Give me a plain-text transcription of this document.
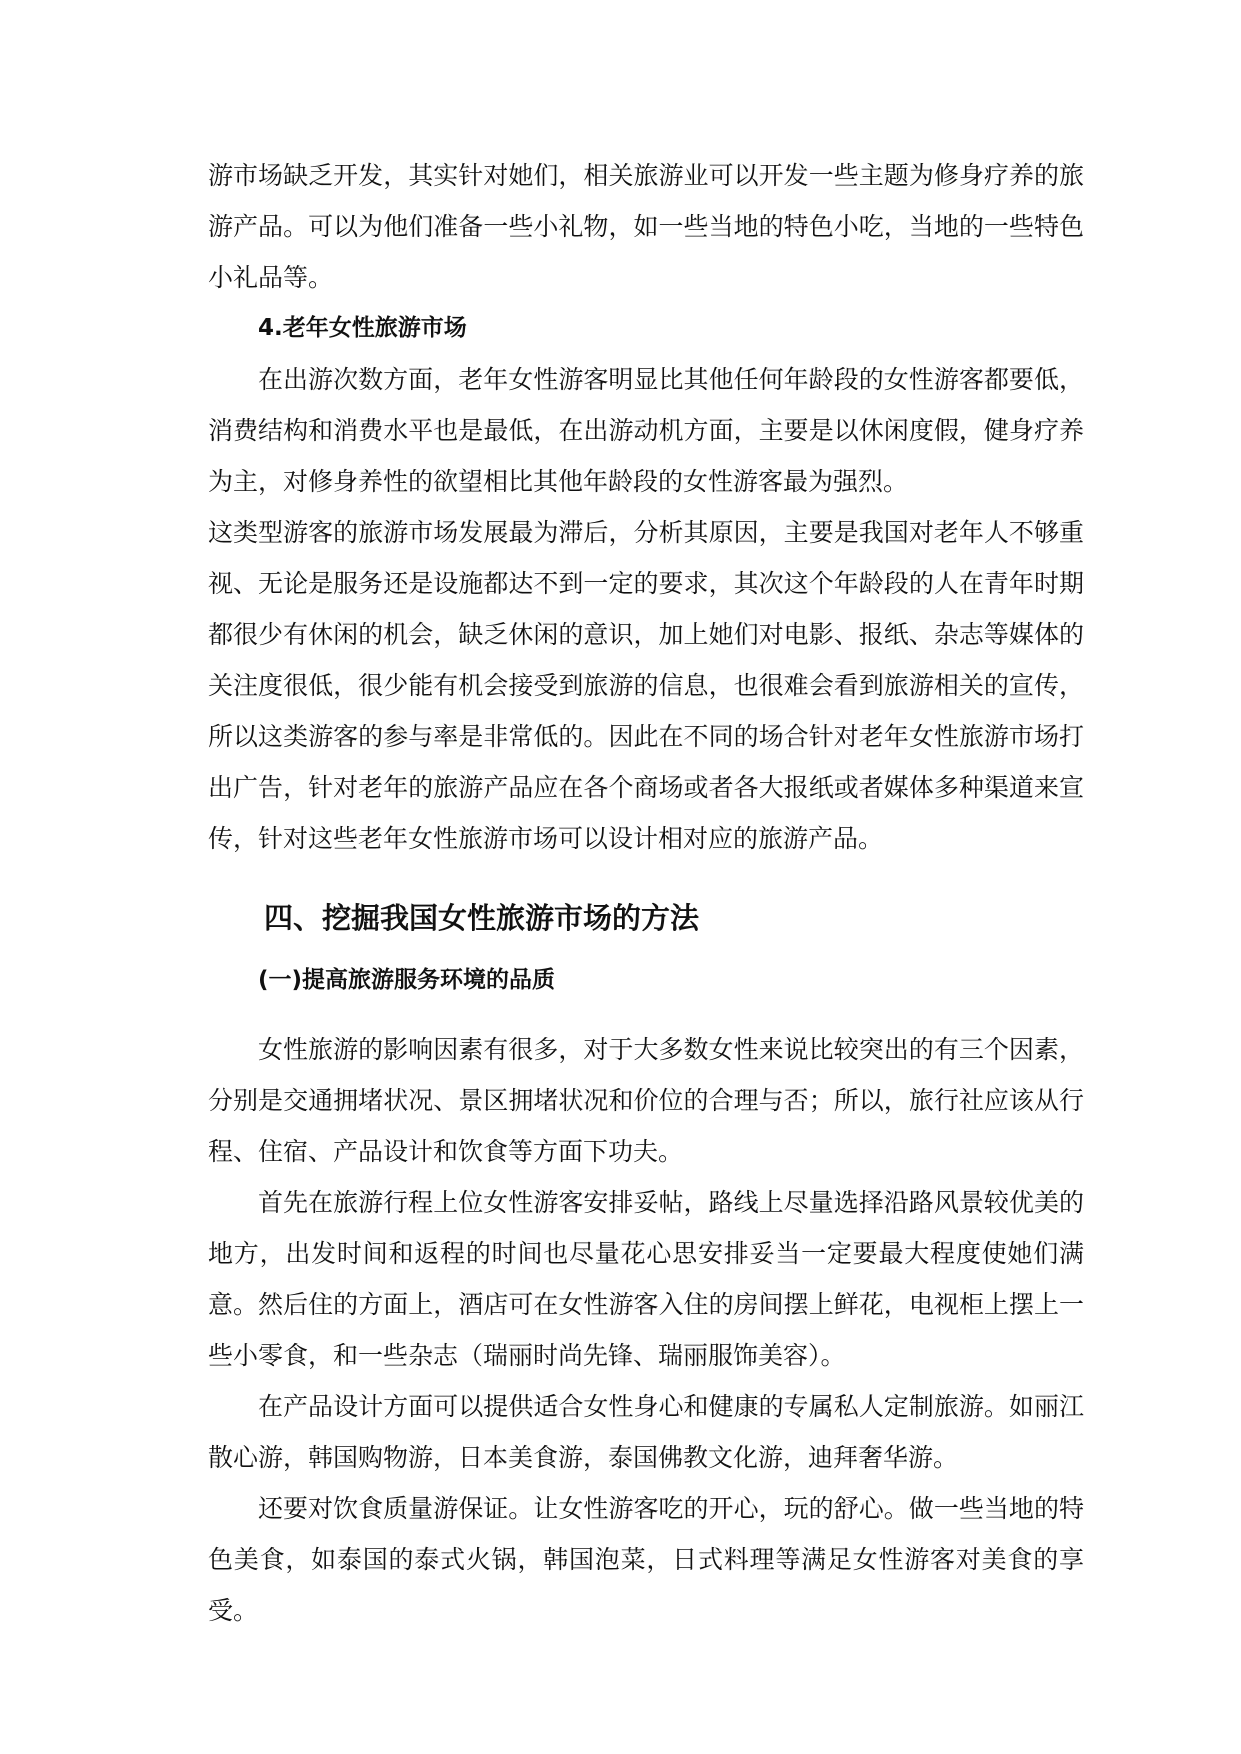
游市场缺乏开发，其实针对她们，相关旅游业可以开发一些主题为修身疗养的旅游产品。可以为他们准备一些小礼物，如一些当地的特色小吃，当地的一些特色小礼品等。

4.老年女性旅游市场

在出游次数方面，老年女性游客明显比其他任何年龄段的女性游客都要低，消费结构和消费水平也是最低，在出游动机方面，主要是以休闲度假，健身疗养为主，对修身养性的欲望相比其他年龄段的女性游客最为强烈。

这类型游客的旅游市场发展最为滞后，分析其原因，主要是我国对老年人不够重视、无论是服务还是设施都达不到一定的要求，其次这个年龄段的人在青年时期都很少有休闲的机会，缺乏休闲的意识，加上她们对电影、报纸、杂志等媒体的关注度很低，很少能有机会接受到旅游的信息，也很难会看到旅游相关的宣传，所以这类游客的参与率是非常低的。因此在不同的场合针对老年女性旅游市场打出广告，针对老年的旅游产品应在各个商场或者各大报纸或者媒体多种渠道来宣传，针对这些老年女性旅游市场可以设计相对应的旅游产品。

四、挖掘我国女性旅游市场的方法
(一)提高旅游服务环境的品质

女性旅游的影响因素有很多，对于大多数女性来说比较突出的有三个因素，分别是交通拥堵状况、景区拥堵状况和价位的合理与否；所以，旅行社应该从行程、住宿、产品设计和饮食等方面下功夫。

首先在旅游行程上位女性游客安排妥帖，路线上尽量选择沿路风景较优美的地方，出发时间和返程的时间也尽量花心思安排妥当一定要最大程度使她们满意。然后住的方面上，酒店可在女性游客入住的房间摆上鲜花，电视柜上摆上一些小零食，和一些杂志（瑞丽时尚先锋、瑞丽服饰美容）。

在产品设计方面可以提供适合女性身心和健康的专属私人定制旅游。如丽江散心游，韩国购物游，日本美食游，泰国佛教文化游，迪拜奢华游。

还要对饮食质量游保证。让女性游客吃的开心，玩的舒心。做一些当地的特色美食，如泰国的泰式火锅，韩国泡菜，日式料理等满足女性游客对美食的享受。
